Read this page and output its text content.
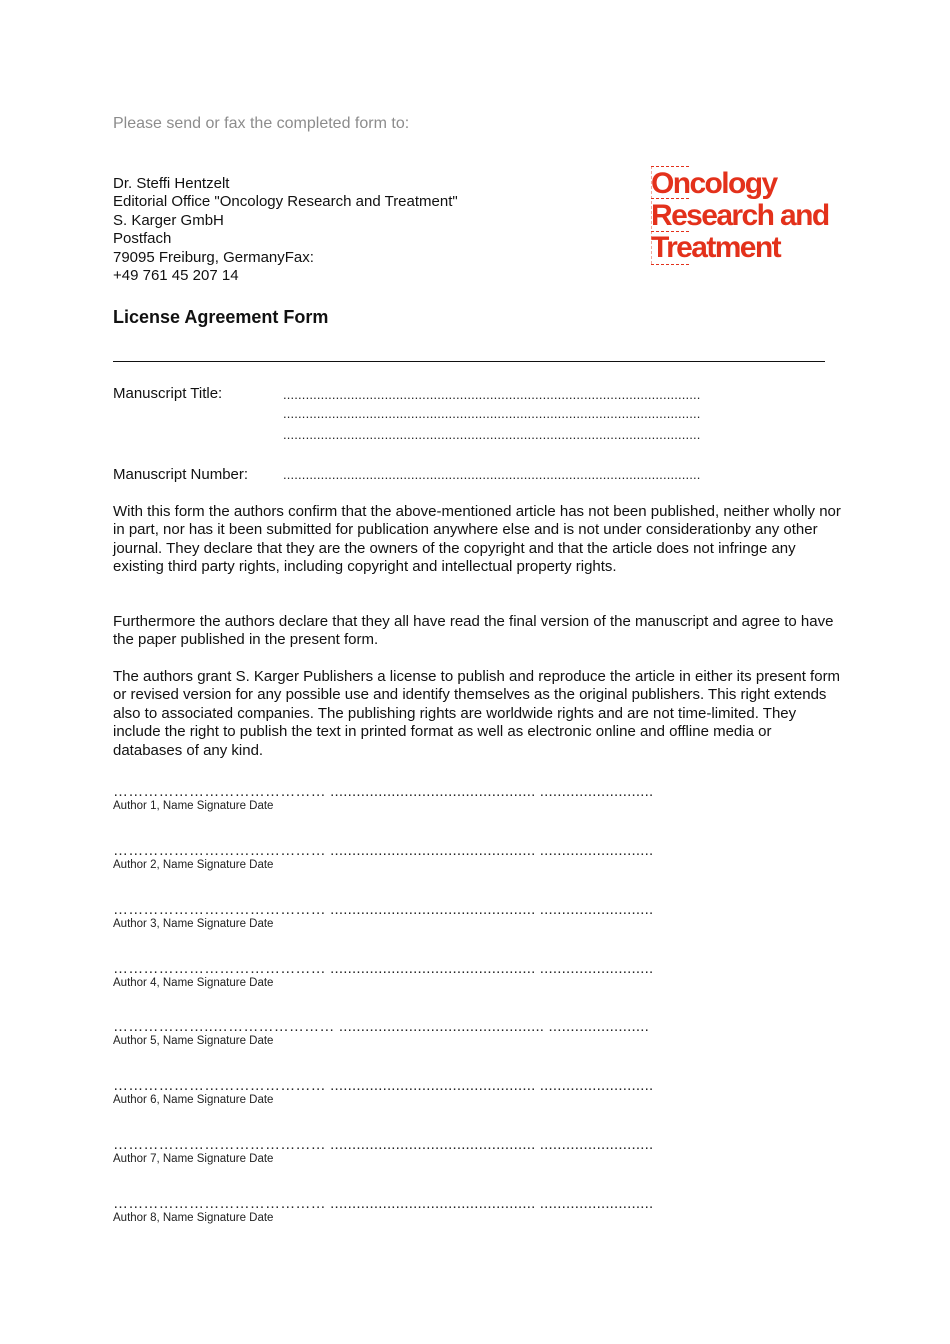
Please send or fax the completed form to:
Dr. Steffi Hentzelt
Editorial Office "Oncology Research and Treatment"
S. Karger GmbH
Postfach
79095 Freiburg, GermanyFax:
+49 761 45 207 14
Oncology
Research and
Treatment
License Agreement Form
Manuscript Title:	...............................................................................................................
...............................................................................................................
...............................................................................................................
Manuscript Number:	...............................................................................................................
With this form the authors confirm that the above-mentioned article has not been published, neither wholly nor in part, nor has it been submitted for publication anywhere else and is not under considerationby any other journal. They declare that they are the owners of the copyright and that the article does not infringe any existing third party rights, including copyright and intellectual property rights.
Furthermore the authors declare that they all have read the final version of the manuscript and agree to have the paper published in the present form.
The authors grant S. Karger Publishers a license to publish and reproduce the article in either its present form or revised version for any possible use and identify themselves as the original publishers. This right extends also to associated companies. The publishing rights are worldwide rights and are not time-limited. They include the right to publish the text in printed format as well as electronic online and offline media or databases of any kind.
…………………………………… ............................................... ..........................
Author 1, Name Signature Date
…………………………………… ............................................... ..........................
Author 2, Name Signature Date
…………………………………… ............................................... ..........................
Author 3, Name Signature Date
…………………………………… ............................................... ..........................
Author 4, Name Signature Date
………………..…………………… ............................................... .......................
Author 5, Name Signature Date
…………………………………… ............................................... ..........................
Author 6, Name Signature Date
…………………………………… ............................................... ..........................
Author 7, Name Signature Date
…………………………………… ............................................... ..........................
Author 8, Name Signature Date
